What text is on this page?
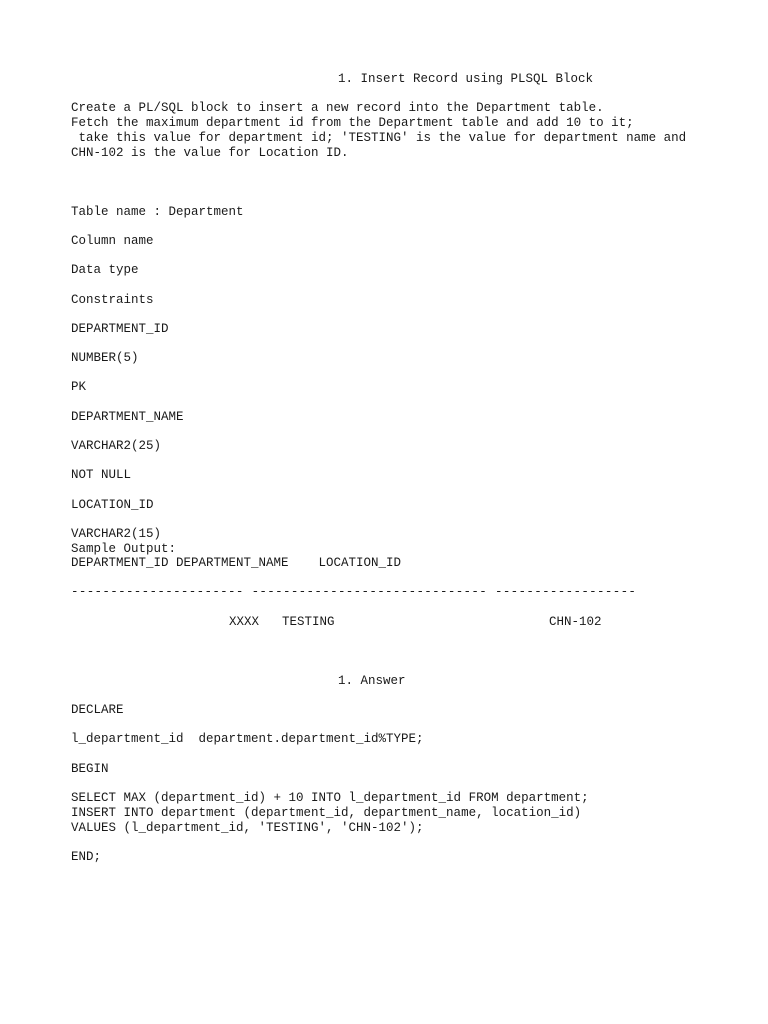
1. Insert Record using PLSQL Block
Create a PL/SQL block to insert a new record into the Department table.
Fetch the maximum department id from the Department table and add 10 to it;
take this value for department id; 'TESTING' is the value for department name and
CHN-102 is the value for Location ID.
Table name : Department
Column name
Data type
Constraints
DEPARTMENT_ID
NUMBER(5)
PK
DEPARTMENT_NAME
VARCHAR2(25)
NOT NULL
LOCATION_ID
VARCHAR2(15)
Sample Output:
DEPARTMENT_ID DEPARTMENT_NAME    LOCATION_ID
---------------------- ------------------------------ ------------------
XXXX TESTING	CHN-102
1. Answer
DECLARE
l_department_id  department.department_id%TYPE;
BEGIN
SELECT MAX (department_id) + 10 INTO l_department_id FROM department;
INSERT INTO department (department_id, department_name, location_id)
VALUES (l_department_id, 'TESTING', 'CHN-102');
END;
